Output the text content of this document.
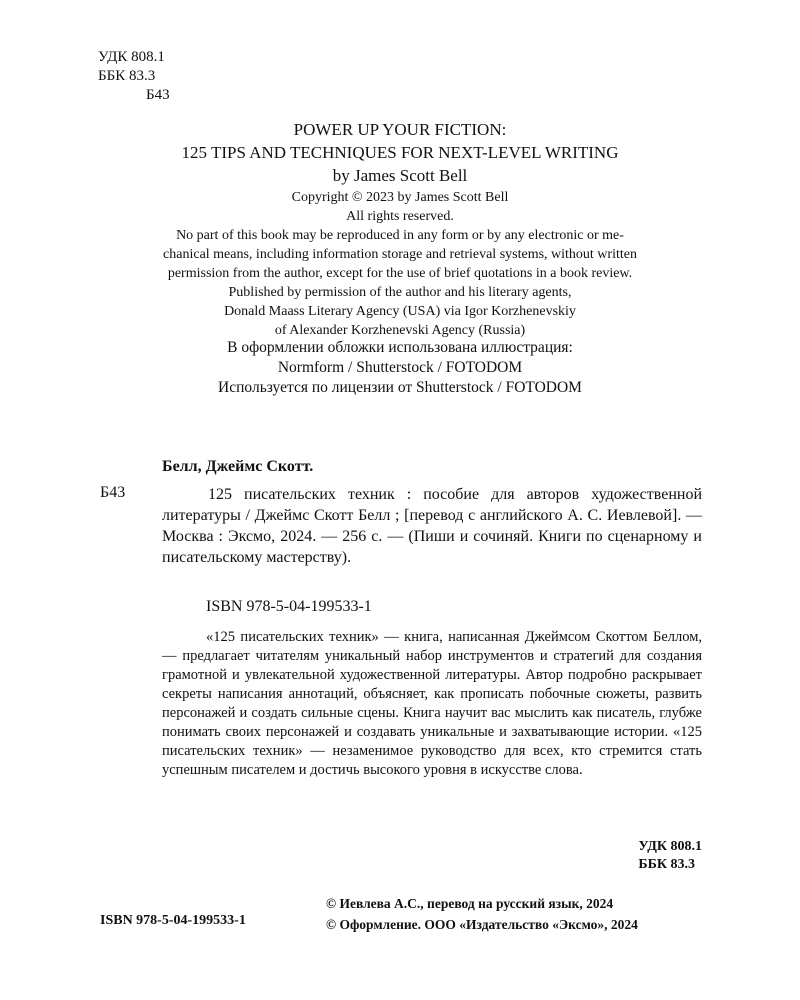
УДК 808.1
ББК 83.3
Б43
POWER UP YOUR FICTION:
125 TIPS AND TECHNIQUES FOR NEXT-LEVEL WRITING
by James Scott Bell
Copyright © 2023 by James Scott Bell
All rights reserved.
No part of this book may be reproduced in any form or by any electronic or me-
chanical means, including information storage and retrieval systems, without written
permission from the author, except for the use of brief quotations in a book review.
Published by permission of the author and his literary agents,
Donald Maass Literary Agency (USA) via Igor Korzhenevskiy
of Alexander Korzhenevski Agency (Russia)
В оформлении обложки использована иллюстрация:
Normform / Shutterstock / FOTODOM
Используется по лицензии от Shutterstock / FOTODOM
Белл, Джеймс Скотт.
Б43	125 писательских техник : пособие для авторов художественной литературы / Джеймс Скотт Белл ; [перевод с английского А. С. Иевлевой]. — Москва : Эксмо, 2024. — 256 с. — (Пиши и сочиняй. Книги по сценарному и писательскому мастерству).
ISBN 978-5-04-199533-1
«125 писательских техник» — книга, написанная Джеймсом Скоттом Беллом, — предлагает читателям уникальный набор инструментов и стратегий для создания грамотной и увлекательной художественной литературы. Автор подробно раскрывает секреты написания аннотаций, объясняет, как прописать побочные сюжеты, развить персонажей и создать сильные сцены. Книга научит вас мыслить как писатель, глубже понимать своих персонажей и создавать уникальные и захватывающие истории. «125 писательских техник» — незаменимое руководство для всех, кто стремится стать успешным писателем и достичь высокого уровня в искусстве слова.
УДК 808.1
ББК 83.3
ISBN 978-5-04-199533-1
© Иевлева А.С., перевод на русский язык, 2024
© Оформление. ООО «Издательство «Эксмо», 2024
